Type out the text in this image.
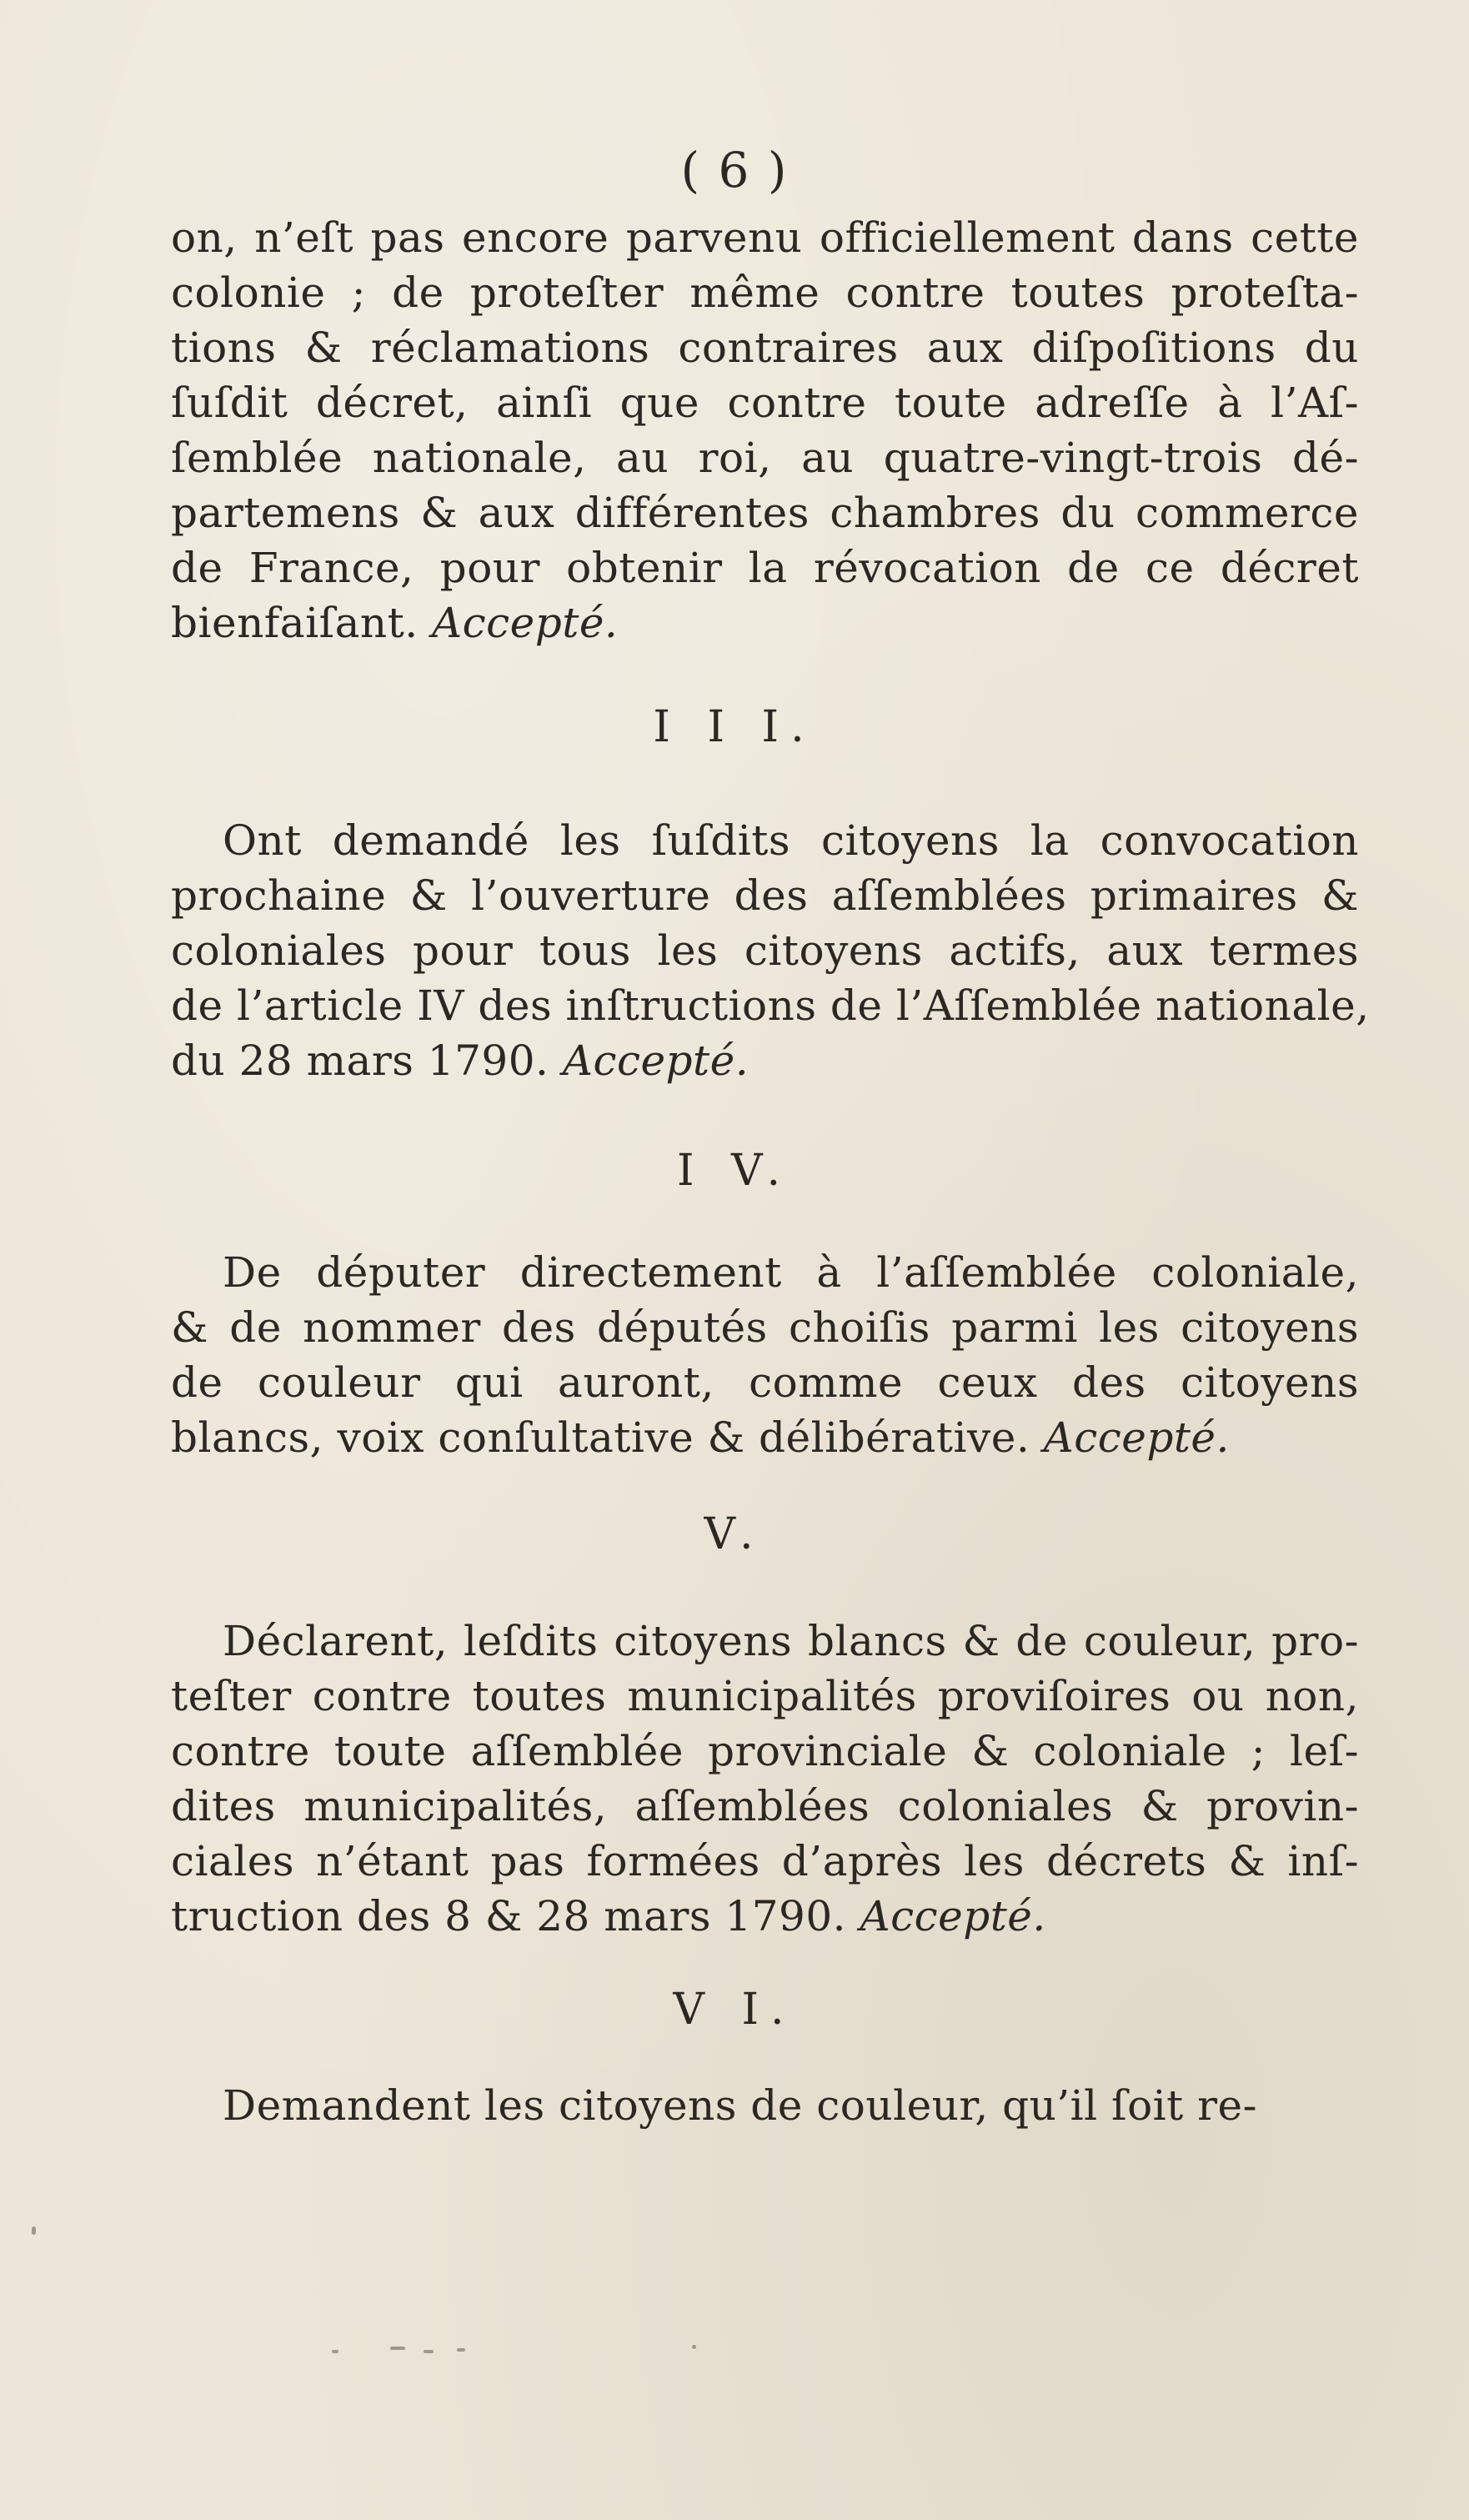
( 6 )
on, n’eſt pas encore parvenu officiellement dans cette
colonie ; de proteſter même contre toutes proteſta-
tions & réclamations contraires aux diſpoſitions du
ſuſdit décret, ainſi que contre toute adreſſe à l’Aſ-
ſemblée nationale, au roi, au quatre-vingt-trois dé-
partemens & aux différentes chambres du commerce
de France, pour obtenir la révocation de ce décret
bienfaiſant. Accepté.
I I I.
Ont demandé les ſuſdits citoyens la convocation
prochaine & l’ouverture des aſſemblées primaires &
coloniales pour tous les citoyens actifs, aux termes
de l’article IV des inſtructions de l’Aſſemblée nationale,
du 28 mars 1790. Accepté.
I V.
De députer directement à l’aſſemblée coloniale,
& de nommer des députés choiſis parmi les citoyens
de couleur qui auront, comme ceux des citoyens
blancs, voix conſultative & délibérative. Accepté.
V.
Déclarent, leſdits citoyens blancs & de couleur, pro-
teſter contre toutes municipalités proviſoires ou non,
contre toute aſſemblée provinciale & coloniale ; leſ-
dites municipalités, aſſemblées coloniales & provin-
ciales n’étant pas formées d’après les décrets & inſ-
truction des 8 & 28 mars 1790. Accepté.
V I.
Demandent les citoyens de couleur, qu’il ſoit re-
